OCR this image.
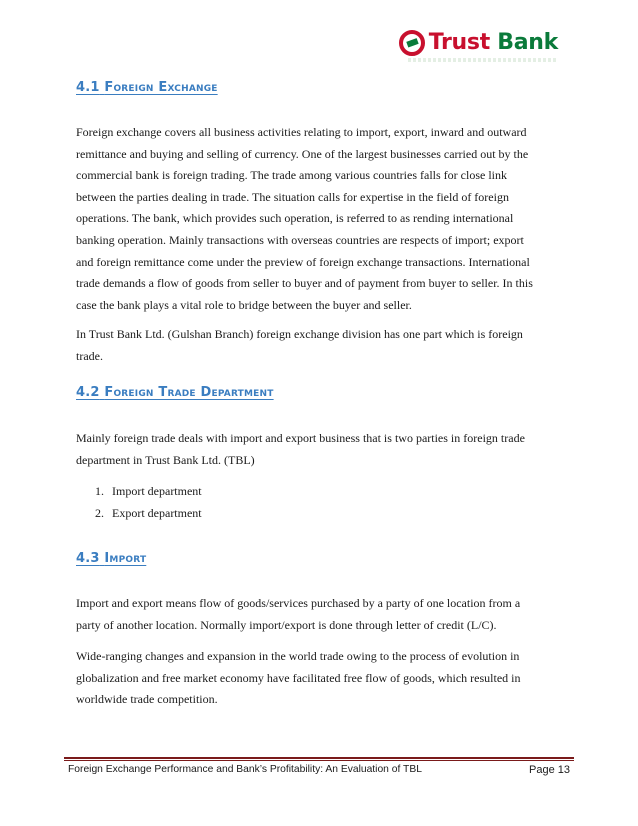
Trust Bank
4.1 Foreign Exchange
Foreign exchange covers all business activities relating to import, export, inward and outward
remittance and buying and selling of currency. One of the largest businesses carried out by the
commercial bank is foreign trading. The trade among various countries falls for close link
between the parties dealing in trade. The situation calls for expertise in the field of foreign
operations. The bank, which provides such operation, is referred to as rending international
banking operation. Mainly transactions with overseas countries are respects of import; export
and foreign remittance come under the preview of foreign exchange transactions. International
trade demands a flow of goods from seller to buyer and of payment from buyer to seller. In this
case the bank plays a vital role to bridge between the buyer and seller.
In Trust Bank Ltd. (Gulshan Branch) foreign exchange division has one part which is foreign
trade.
4.2 Foreign Trade Department
Mainly foreign trade deals with import and export business that is two parties in foreign trade
department in Trust Bank Ltd. (TBL)
1. Import department
2. Export department
4.3 Import
Import and export means flow of goods/services purchased by a party of one location from a
party of another location. Normally import/export is done through letter of credit (L/C).
Wide-ranging changes and expansion in the world trade owing to the process of evolution in
globalization and free market economy have facilitated free flow of goods, which resulted in
worldwide trade competition.
Foreign Exchange Performance and Bank’s Profitability: An Evaluation of TBL	Page 13
